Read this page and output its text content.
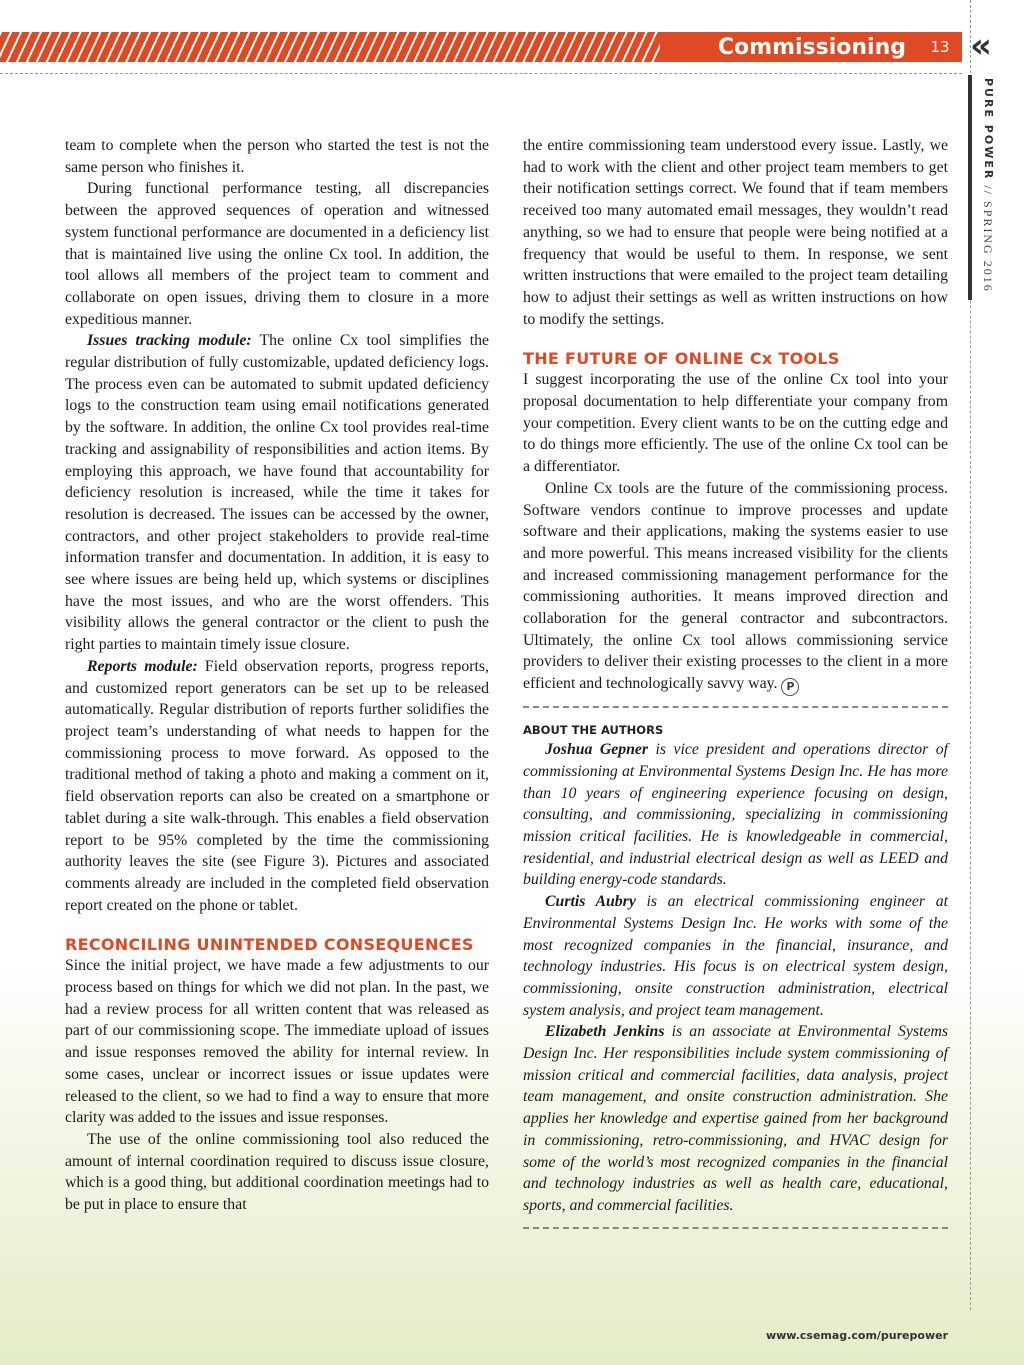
Commissioning 13 «
PURE POWER // SPRING 2016

team to complete when the person who started the test is not the same person who finishes it.

During functional performance testing, all discrepancies between the approved sequences of operation and witnessed system functional performance are documented in a deficiency list that is maintained live using the online Cx tool. In addition, the tool allows all members of the project team to comment and collaborate on open issues, driving them to closure in a more expeditious manner.

Issues tracking module: The online Cx tool simplifies the regular distribution of fully customizable, updated deficiency logs. The process even can be automated to submit updated deficiency logs to the construction team using email notifications generated by the software. In addition, the online Cx tool provides real-time tracking and assignability of responsibilities and action items. By employing this approach, we have found that accountability for deficiency resolution is increased, while the time it takes for resolution is decreased. The issues can be accessed by the owner, contractors, and other project stakeholders to provide real-time information transfer and documentation. In addition, it is easy to see where issues are being held up, which systems or disciplines have the most issues, and who are the worst offenders. This visibility allows the general contractor or the client to push the right parties to maintain timely issue closure.

Reports module: Field observation reports, progress reports, and customized report generators can be set up to be released automatically. Regular distribution of reports further solidifies the project team’s understanding of what needs to happen for the commissioning process to move forward. As opposed to the traditional method of taking a photo and making a comment on it, field observation reports can also be created on a smartphone or tablet during a site walk-through. This enables a field observation report to be 95% completed by the time the commissioning authority leaves the site (see Figure 3). Pictures and associated comments already are included in the completed field observation report created on the phone or tablet.

RECONCILING UNINTENDED CONSEQUENCES

Since the initial project, we have made a few adjustments to our process based on things for which we did not plan. In the past, we had a review process for all written content that was released as part of our commissioning scope. The immediate upload of issues and issue responses removed the ability for internal review. In some cases, unclear or incorrect issues or issue updates were released to the client, so we had to find a way to ensure that more clarity was added to the issues and issue responses.

The use of the online commissioning tool also reduced the amount of internal coordination required to discuss issue closure, which is a good thing, but additional coordination meetings had to be put in place to ensure that

the entire commissioning team understood every issue. Lastly, we had to work with the client and other project team members to get their notification settings correct. We found that if team members received too many automated email messages, they wouldn’t read anything, so we had to ensure that people were being notified at a frequency that would be useful to them. In response, we sent written instructions that were emailed to the project team detailing how to adjust their settings as well as written instructions on how to modify the settings.

THE FUTURE OF ONLINE Cx TOOLS

I suggest incorporating the use of the online Cx tool into your proposal documentation to help differentiate your company from your competition. Every client wants to be on the cutting edge and to do things more efficiently. The use of the online Cx tool can be a differentiator.

Online Cx tools are the future of the commissioning process. Software vendors continue to improve processes and update software and their applications, making the systems easier to use and more powerful. This means increased visibility for the clients and increased commissioning management performance for the commissioning authorities. It means improved direction and collaboration for the general contractor and subcontractors. Ultimately, the online Cx tool allows commissioning service providers to deliver their existing processes to the client in a more efficient and technologically savvy way. P

ABOUT THE AUTHORS

Joshua Gepner is vice president and operations director of commissioning at Environmental Systems Design Inc. He has more than 10 years of engineering experience focusing on design, consulting, and commissioning, specializing in commissioning mission critical facilities. He is knowledgeable in commercial, residential, and industrial electrical design as well as LEED and building energy-code standards.

Curtis Aubry is an electrical commissioning engineer at Environmental Systems Design Inc. He works with some of the most recognized companies in the financial, insurance, and technology industries. His focus is on electrical system design, commissioning, onsite construction administration, electrical system analysis, and project team management.

Elizabeth Jenkins is an associate at Environmental Systems Design Inc. Her responsibilities include system commissioning of mission critical and commercial facilities, data analysis, project team management, and onsite construction administration. She applies her knowledge and expertise gained from her background in commissioning, retro-commissioning, and HVAC design for some of the world’s most recognized companies in the financial and technology industries as well as health care, educational, sports, and commercial facilities.

www.csemag.com/purepower
